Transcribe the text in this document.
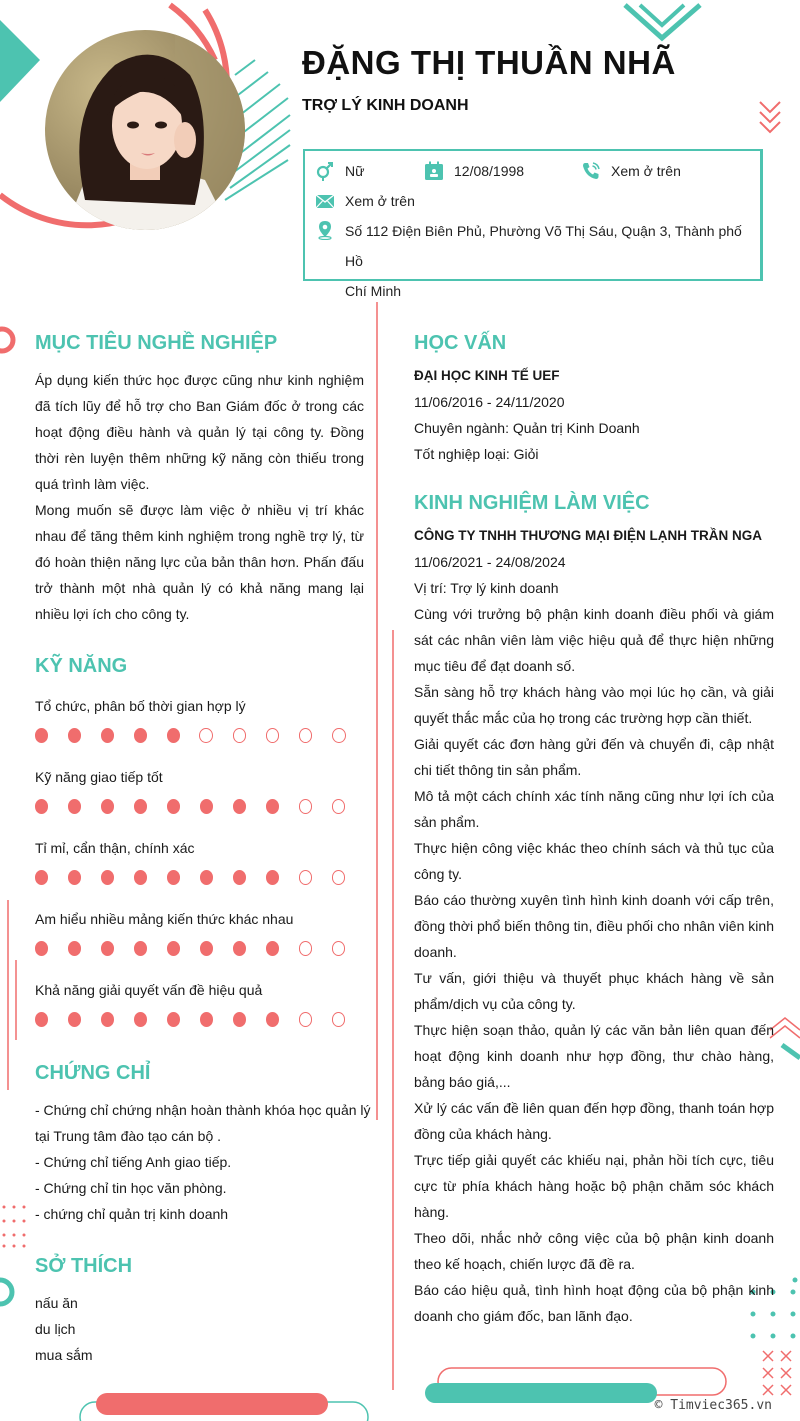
ĐẶNG THỊ THUẦN NHÃ
TRỢ LÝ KINH DOANH
Nữ	12/08/1998	Xem ở trên
Xem ở trên
Số 112 Điện Biên Phủ, Phường Võ Thị Sáu, Quận 3, Thành phố Hồ
Chí Minh
MỤC TIÊU NGHỀ NGHIỆP

Áp dụng kiến thức học được cũng như kinh nghiệm đã tích lũy để hỗ trợ cho Ban Giám đốc ở trong các hoạt động điều hành và quản lý tại công ty. Đồng thời rèn luyện thêm những kỹ năng còn thiếu trong quá trình làm việc.

Mong muốn sẽ được làm việc ở nhiều vị trí khác nhau để tăng thêm kinh nghiệm trong nghề trợ lý, từ đó hoàn thiện năng lực của bản thân hơn. Phấn đấu trở thành một nhà quản lý có khả năng mang lại nhiều lợi ích cho công ty.

KỸ NĂNG
Tổ chức, phân bố thời gian hợp lý
Kỹ năng giao tiếp tốt
Tỉ mỉ, cẩn thận, chính xác
Am hiểu nhiều mảng kiến thức khác nhau
Khả năng giải quyết vấn đề hiệu quả
CHỨNG CHỈ
- Chứng chỉ chứng nhận hoàn thành khóa học quản lý
tại Trung tâm đào tạo cán bộ .
- Chứng chỉ tiếng Anh giao tiếp.
- Chứng chỉ tin học văn phòng.
- chứng chỉ quản trị kinh doanh
SỞ THÍCH
nấu ăn
du lịch
mua sắm
HỌC VẤN
ĐẠI HỌC KINH TẾ UEF
11/06/2016 - 24/11/2020
Chuyên ngành: Quản trị Kinh Doanh
Tốt nghiệp loại: Giỏi
KINH NGHIỆM LÀM VIỆC
CÔNG TY TNHH THƯƠNG MẠI ĐIỆN LẠNH TRẦN NGA
11/06/2021 - 24/08/2024
Vị trí: Trợ lý kinh doanh

Cùng với trưởng bộ phận kinh doanh điều phối và giám sát các nhân viên làm việc hiệu quả để thực hiện những mục tiêu để đạt doanh số.

Sẵn sàng hỗ trợ khách hàng vào mọi lúc họ cần, và giải quyết thắc mắc của họ trong các trường hợp cần thiết.

Giải quyết các đơn hàng gửi đến và chuyển đi, cập nhật chi tiết thông tin sản phẩm.

Mô tả một cách chính xác tính năng cũng như lợi ích của sản phẩm.

Thực hiện công việc khác theo chính sách và thủ tục của công ty.

Báo cáo thường xuyên tình hình kinh doanh với cấp trên, đồng thời phổ biến thông tin, điều phối cho nhân viên kinh doanh.

Tư vấn, giới thiệu và thuyết phục khách hàng về sản phẩm/dịch vụ của công ty.

Thực hiện soạn thảo, quản lý các văn bản liên quan đến hoạt động kinh doanh như hợp đồng, thư chào hàng, bảng báo giá,...

Xử lý các vấn đề liên quan đến hợp đồng, thanh toán hợp đồng của khách hàng.

Trực tiếp giải quyết các khiếu nại, phản hồi tích cực, tiêu cực từ phía khách hàng hoặc bộ phận chăm sóc khách hàng.

Theo dõi, nhắc nhở công việc của bộ phận kinh doanh theo kế hoạch, chiến lược đã đề ra.

Báo cáo hiệu quả, tình hình hoạt động của bộ phận kinh doanh cho giám đốc, ban lãnh đạo.

© Timviec365.vn
